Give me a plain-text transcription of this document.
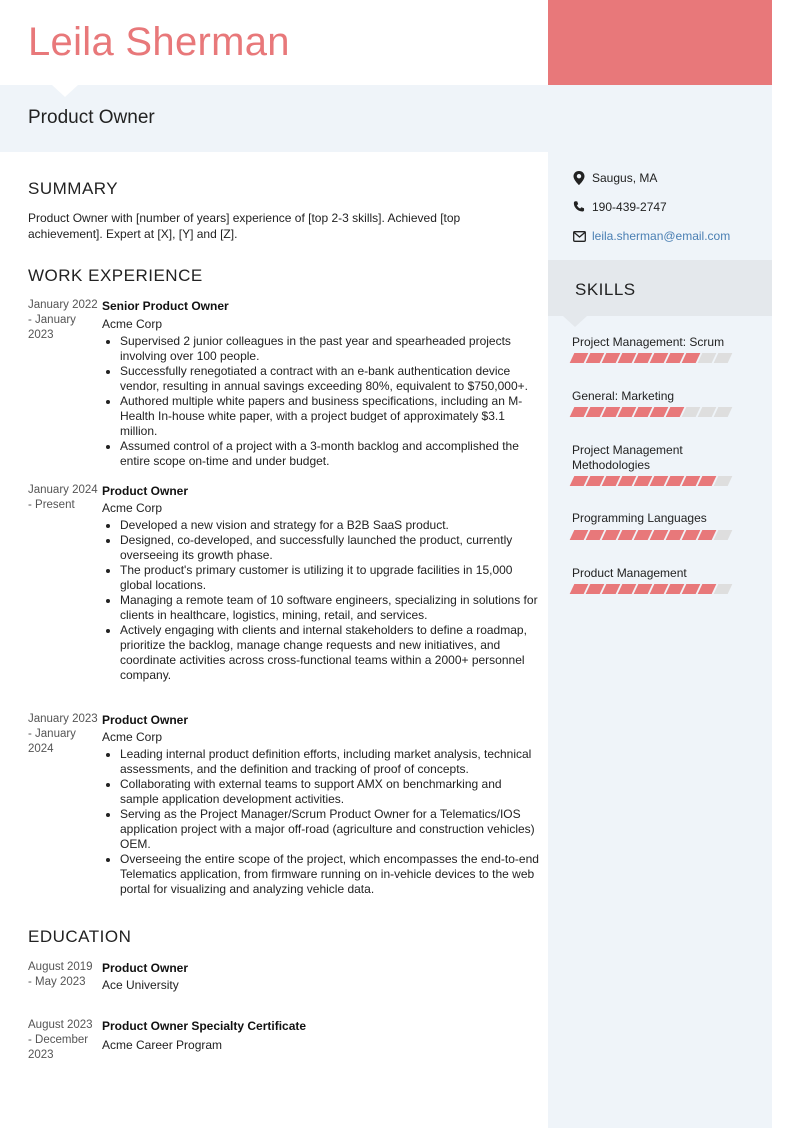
Leila Sherman
Product Owner
Saugus, MA
190-439-2747
leila.sherman@email.com
SKILLS
Project Management: Scrum
General: Marketing
Project Management Methodologies
Programming Languages
Product Management
SUMMARY
Product Owner with [number of years] experience of [top 2-3 skills]. Achieved [top achievement]. Expert at [X], [Y] and [Z].
WORK EXPERIENCE
January 2022 - January 2023
Senior Product Owner
Acme Corp
• Supervised 2 junior colleagues in the past year and spearheaded projects involving over 100 people.
• Successfully renegotiated a contract with an e-bank authentication device vendor, resulting in annual savings exceeding 80%, equivalent to $750,000+.
• Authored multiple white papers and business specifications, including an M-Health In-house white paper, with a project budget of approximately $3.1 million.
• Assumed control of a project with a 3-month backlog and accomplished the entire scope on-time and under budget.
January 2024 - Present
Product Owner
Acme Corp
• Developed a new vision and strategy for a B2B SaaS product.
• Designed, co-developed, and successfully launched the product, currently overseeing its growth phase.
• The product's primary customer is utilizing it to upgrade facilities in 15,000 global locations.
• Managing a remote team of 10 software engineers, specializing in solutions for clients in healthcare, logistics, mining, retail, and services.
• Actively engaging with clients and internal stakeholders to define a roadmap, prioritize the backlog, manage change requests and new initiatives, and coordinate activities across cross-functional teams within a 2000+ personnel company.
January 2023 - January 2024
Product Owner
Acme Corp
• Leading internal product definition efforts, including market analysis, technical assessments, and the definition and tracking of proof of concepts.
• Collaborating with external teams to support AMX on benchmarking and sample application development activities.
• Serving as the Project Manager/Scrum Product Owner for a Telematics/IOS application project with a major off-road (agriculture and construction vehicles) OEM.
• Overseeing the entire scope of the project, which encompasses the end-to-end Telematics application, from firmware running on in-vehicle devices to the web portal for visualizing and analyzing vehicle data.
EDUCATION
August 2019 - May 2023
Product Owner
Ace University
August 2023 - December 2023
Product Owner Specialty Certificate
Acme Career Program
